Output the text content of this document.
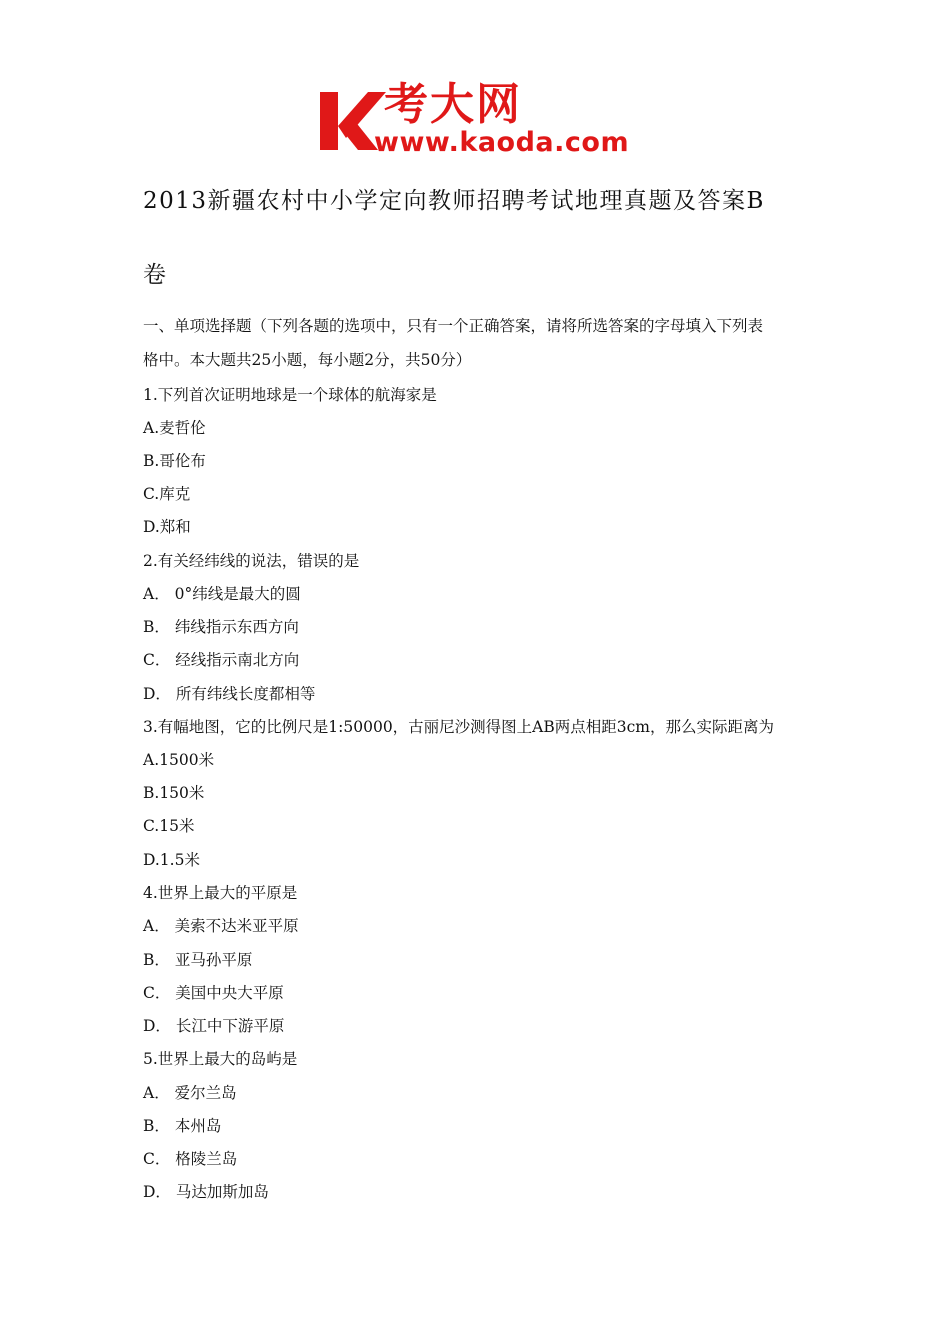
考大网
www.kaoda.com
2013新疆农村中小学定向教师招聘考试地理真题及答案B
卷
一、单项选择题（下列各题的选项中，只有一个正确答案，请将所选答案的字母填入下列表
格中。本大题共25小题，每小题2分，共50分）
1.下列首次证明地球是一个球体的航海家是
A.麦哲伦
B.哥伦布
C.库克
D.郑和
2.有关经纬线的说法，错误的是
A． 0°纬线是最大的圆
B． 纬线指示东西方向
C． 经线指示南北方向
D． 所有纬线长度都相等
3.有幅地图，它的比例尺是1:50000，古丽尼沙测得图上AB两点相距3cm，那么实际距离为
A.1500米
B.150米
C.15米
D.1.5米
4.世界上最大的平原是
A． 美索不达米亚平原
B． 亚马孙平原
C． 美国中央大平原
D． 长江中下游平原
5.世界上最大的岛屿是
A． 爱尔兰岛
B． 本州岛
C． 格陵兰岛
D． 马达加斯加岛
